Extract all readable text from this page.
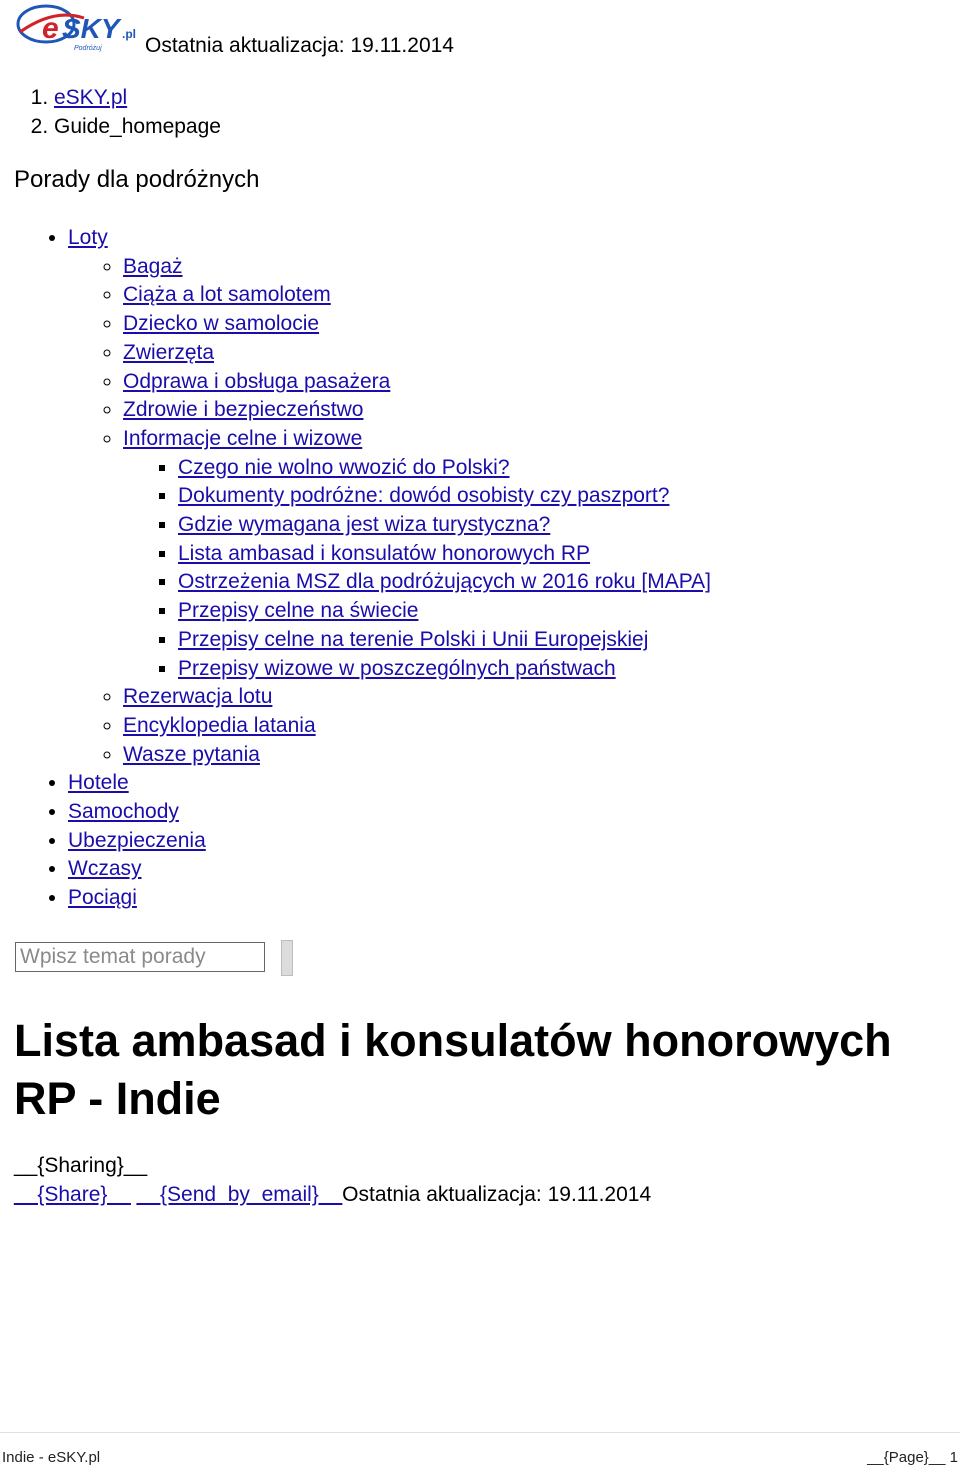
e SKY .pl
Podróżuj Ostatnia aktualizacja: 19.11.2014
1. eSKY.pl
2. Guide_homepage
Porady dla podróżnych
• Loty
◦ Bagaż
◦ Ciąża a lot samolotem
◦ Dziecko w samolocie
◦ Zwierzęta
◦ Odprawa i obsługa pasażera
◦ Zdrowie i bezpieczeństwo
◦ Informacje celne i wizowe
▪ Czego nie wolno wwozić do Polski?
▪ Dokumenty podróżne: dowód osobisty czy paszport?
▪ Gdzie wymagana jest wiza turystyczna?
▪ Lista ambasad i konsulatów honorowych RP
▪ Ostrzeżenia MSZ dla podróżujących w 2016 roku [MAPA]
▪ Przepisy celne na świecie
▪ Przepisy celne na terenie Polski i Unii Europejskiej
▪ Przepisy wizowe w poszczególnych państwach
◦ Rezerwacja lotu
◦ Encyklopedia latania
◦ Wasze pytania
• Hotele
• Samochody
• Ubezpieczenia
• Wczasy
• Pociągi
Wpisz temat porady
Lista ambasad i konsulatów honorowych RP - Indie
__{Sharing}__
__{Share}__ __{Send_by_email}__Ostatnia aktualizacja: 19.11.2014
Indie - eSKY.pl	__{Page}__ 1
